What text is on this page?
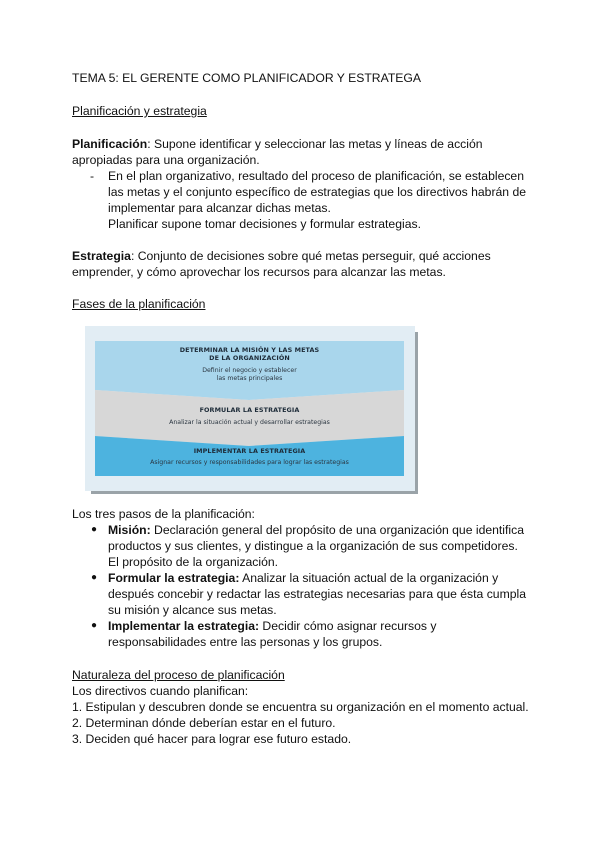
TEMA 5: EL GERENTE COMO PLANIFICADOR Y ESTRATEGA
Planificación y estrategia
Planificación: Supone identificar y seleccionar las metas y líneas de acción
apropiadas para una organización.
- En el plan organizativo, resultado del proceso de planificación, se establecen
las metas y el conjunto específico de estrategias que los directivos habrán de
implementar para alcanzar dichas metas.
Planificar supone tomar decisiones y formular estrategias.
Estrategia: Conjunto de decisiones sobre qué metas perseguir, qué acciones
emprender, y cómo aprovechar los recursos para alcanzar las metas.
Fases de la planificación
DETERMINAR LA MISIÓN Y LAS METAS
DE LA ORGANIZACIÓN
Definir el negocio y establecer
las metas principales
FORMULAR LA ESTRATEGIA
Analizar la situación actual y desarrollar estrategias
IMPLEMENTAR LA ESTRATEGIA
Asignar recursos y responsabilidades para lograr las estrategias
Los tres pasos de la planificación:
● Misión: Declaración general del propósito de una organización que identifica
productos y sus clientes, y distingue a la organización de sus competidores.
El propósito de la organización.
● Formular la estrategia: Analizar la situación actual de la organización y
después concebir y redactar las estrategias necesarias para que ésta cumpla
su misión y alcance sus metas.
● Implementar la estrategia: Decidir cómo asignar recursos y
responsabilidades entre las personas y los grupos.
Naturaleza del proceso de planificación
Los directivos cuando planifican:
1. Estipulan y descubren donde se encuentra su organización en el momento actual.
2. Determinan dónde deberían estar en el futuro.
3. Deciden qué hacer para lograr ese futuro estado.
